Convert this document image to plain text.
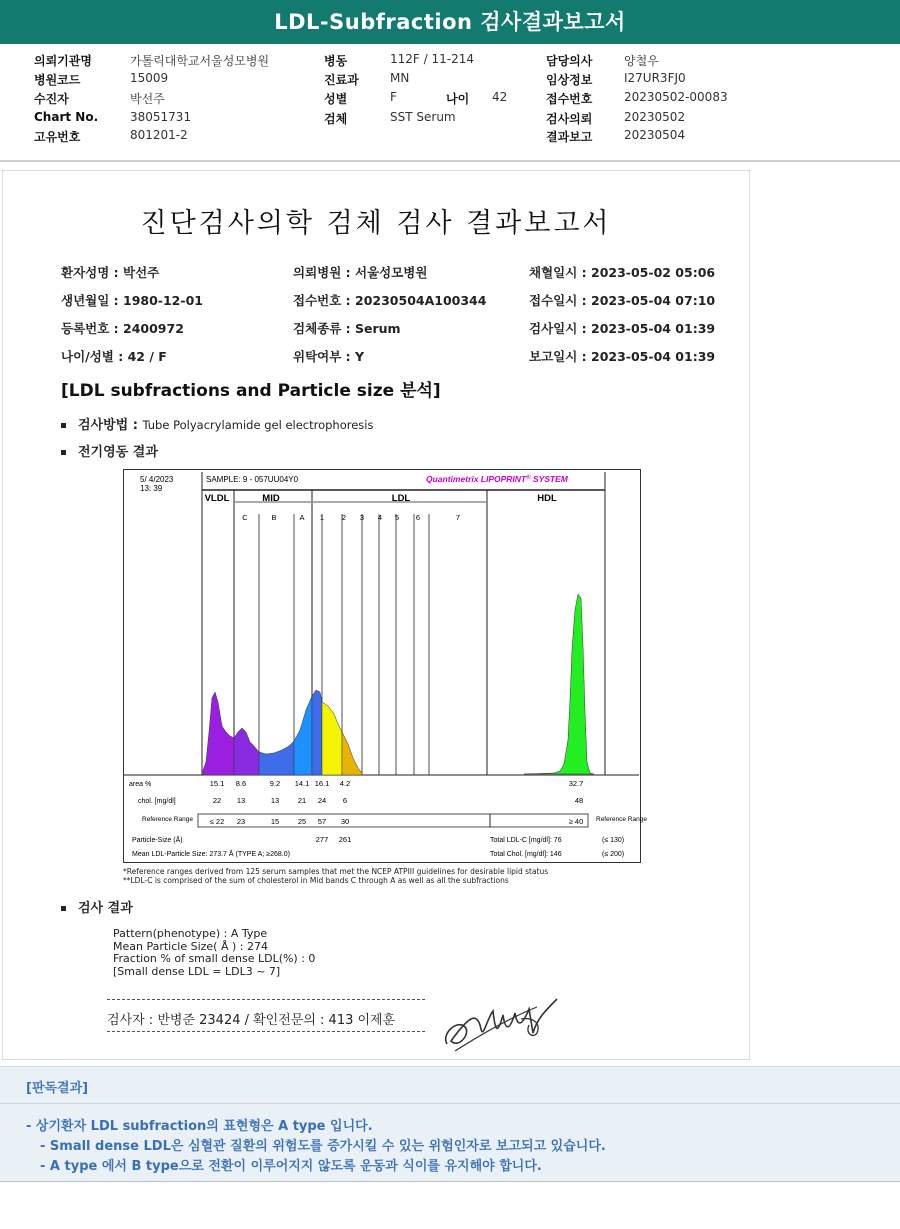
LDL-Subfraction 검사결과보고서
의뢰기관명	가톨릭대학교서울성모병원
병원코드	15009
수진자	박선주
Chart No.	38051731
고유번호	801201-2
병동	112F / 11-214
진료과	MN
성별	F	나이 42
검체	SST Serum
담당의사	양철우
임상정보	I27UR3FJ0
접수번호	20230502-00083
검사의뢰	20230502
결과보고	20230504
진단검사의학 검체 검사 결과보고서
환자성명 : 박선주
생년월일 : 1980-12-01
등록번호 : 2400972
나이/성별 : 42 / F
의뢰병원 : 서울성모병원
접수번호 : 20230504A100344
검체종류 : Serum
위탁여부 : Y
채혈일시 : 2023-05-02 05:06
접수일시 : 2023-05-04 07:10
검사일시 : 2023-05-04 01:39
보고일시 : 2023-05-04 01:39
[LDL subfractions and Particle size 분석]
검사방법 : Tube Polyacrylamide gel electrophoresis
전기영동 결과
5/ 4/2023
13: 39
SAMPLE: 9 - 057UU04Y0	Quantimetrix LIPOPRINT® SYSTEM
VLDL	MID	LDL	HDL
C	B	A 1 2 3 4 5 6	7
area %	15.1 8.6	9.2 14.1 16.1 4.2	32.7
chol. [mg/dl]	22 13	13 21 24 6	48
Reference Range ≤ 22 23	15 25 57 30	≥ 40 Reference Range
Particle-Size (Å)	277 261	Total LDL-C [mg/dl]: 76	(≤ 130)
Mean LDL-Particle Size: 273.7 Å (TYPE A; ≥268.0)	Total Chol. [mg/dl]: 146	(≤ 200)
*Reference ranges derived from 125 serum samples that met the NCEP ATPIII guidelines for desirable lipid status
**LDL-C is comprised of the sum of cholesterol in Mid bands C through A as well as all the subfractions
검사 결과
Pattern(phenotype) : A Type
Mean Particle Size( Å ) : 274
Fraction % of small dense LDL(%) : 0
[Small dense LDL = LDL3 ~ 7]
검사자 : 반병준 23424 / 확인전문의 : 413 이제훈
[판독결과]
- 상기환자 LDL subfraction의 표현형은 A type 입니다.
- Small dense LDL은 심혈관 질환의 위험도를 증가시킬 수 있는 위험인자로 보고되고 있습니다.
- A type 에서 B type으로 전환이 이루어지지 않도록 운동과 식이를 유지해야 합니다.
